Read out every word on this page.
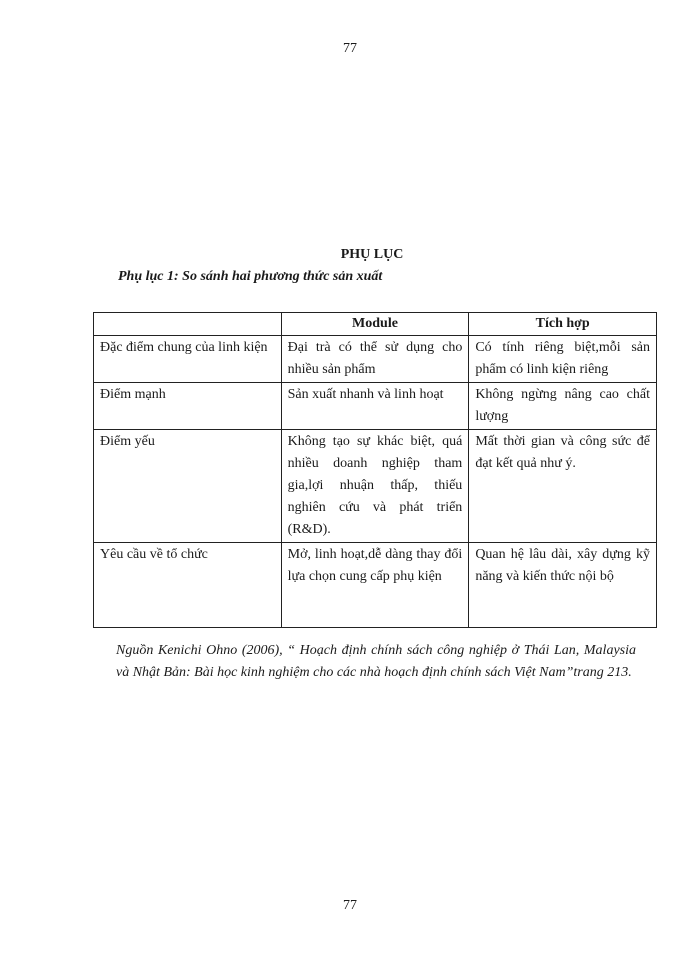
77
PHỤ LỤC
Phụ lục 1: So sánh hai phương thức sản xuất
	Module	Tích hợp
Đặc điểm chung của linh kiện	Đại trà có thể sử dụng cho nhiều sản phẩm	Có tính riêng biệt,mỗi sản phẩm có linh kiện riêng
Điểm mạnh	Sản xuất nhanh và linh hoạt	Không ngừng nâng cao chất lượng
Điểm yếu	Không tạo sự khác biệt, quá nhiều doanh nghiệp tham gia,lợi nhuận thấp, thiếu nghiên cứu và phát triển (R&D).	Mất thời gian và công sức để đạt kết quả như ý.
Yêu cầu về tổ chức	Mở, linh hoạt,dễ dàng thay đổi lựa chọn cung cấp phụ kiện	Quan hệ lâu dài, xây dựng kỹ năng và kiến thức nội bộ
Nguồn Kenichi Ohno (2006), “ Hoạch định chính sách công nghiệp ở Thái Lan, Malaysia và Nhật Bản: Bài học kinh nghiệm cho các nhà hoạch định chính sách Việt Nam”trang 213.
77
